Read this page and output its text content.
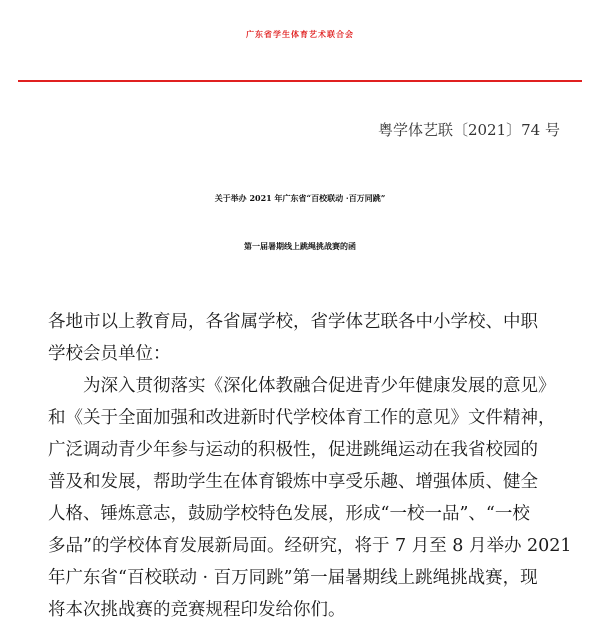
广东省学生体育艺术联合会
粤学体艺联〔2021〕74 号
关于举办 2021 年广东省“百校联动 ·百万同跳”
第一届暑期线上跳绳挑战赛的函
各地市以上教育局，各省属学校，省学体艺联各中小学校、中职
学校会员单位：
　　为深入贯彻落实《深化体教融合促进青少年健康发展的意见》
和《关于全面加强和改进新时代学校体育工作的意见》文件精神，
广泛调动青少年参与运动的积极性，促进跳绳运动在我省校园的
普及和发展，帮助学生在体育锻炼中享受乐趣、增强体质、健全
人格、锤炼意志，鼓励学校特色发展，形成“一校一品”、“一校
多品”的学校体育发展新局面。经研究，将于 7 月至 8 月举办 2021
年广东省“百校联动 · 百万同跳”第一届暑期线上跳绳挑战赛，现
将本次挑战赛的竞赛规程印发给你们。
